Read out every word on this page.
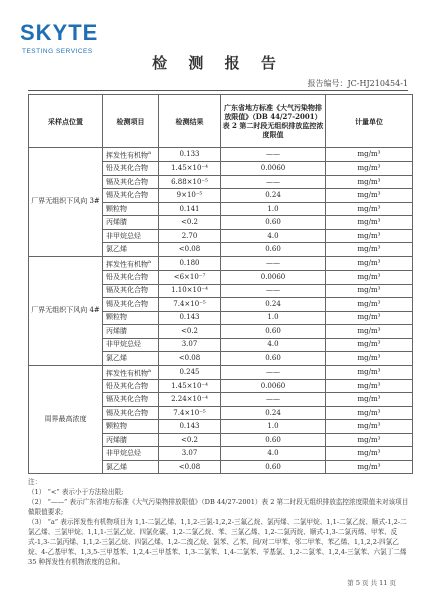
SKYTE
TESTING SERVICES
检 测 报 告
报告编号：JC-HJ210454-1
采样点位置	检测项目	检测结果	广东省地方标准《大气污染物排放限值》（DB 44/27-2001）表 2 第二时段无组织排放监控浓度限值	计量单位
厂界无组织下风向 3#	挥发性有机物$^a$	0.133	——	mg/m³
	铅及其化合物	1.45×10⁻⁴	0.0060	mg/m³
	镉及其化合物	6.88×10⁻⁵	——	mg/m³
	锡及其化合物	9×10⁻⁵	0.24	mg/m³
	颗粒物	0.141	1.0	mg/m³
	丙烯腈	<0.2	0.60	mg/m³
	非甲烷总烃	2.70	4.0	mg/m³
	氯乙烯	<0.08	0.60	mg/m³
厂界无组织下风向 4#	挥发性有机物$^a$	0.180	——	mg/m³
	铅及其化合物	<6×10⁻⁷	0.0060	mg/m³
	镉及其化合物	1.10×10⁻⁴	——	mg/m³
	锡及其化合物	7.4×10⁻⁵	0.24	mg/m³
	颗粒物	0.143	1.0	mg/m³
	丙烯腈	<0.2	0.60	mg/m³
	非甲烷总烃	3.07	4.0	mg/m³
	氯乙烯	<0.08	0.60	mg/m³
周界最高浓度	挥发性有机物$^a$	0.245	——	mg/m³
	铅及其化合物	1.45×10⁻⁴	0.0060	mg/m³
	镉及其化合物	2.24×10⁻⁴	——	mg/m³
	锡及其化合物	7.4×10⁻⁵	0.24	mg/m³
	颗粒物	0.143	1.0	mg/m³
	丙烯腈	<0.2	0.60	mg/m³
	非甲烷总烃	3.07	4.0	mg/m³
	氯乙烯	<0.08	0.60	mg/m³

注：

（1） “<” 表示小于方法检出限;

（2） “——” 表示广东省地方标准《大气污染物排放限值》（DB 44/27-2001）表 2 第二时段无组织排放监控浓度限值未对该项目做限值要求;

（3） “a” 表示挥发性有机物项目为 1,1-二氯乙烯、1,1,2-三氯-1,2,2-三氟乙烷、氯丙烯、二氯甲烷、1,1-二氯乙烷、顺式-1,2-二氯乙烯、三氯甲烷、1,1,1-三氯乙烷、四氯化碳、1,2-二氯乙烷、苯、三氯乙烯、1,2-二氯丙烷、顺式-1,3-二氯丙烯、甲苯、反式-1,3-二氯丙烯、1,1,2-三氯乙烷、四氯乙烯、1,2-二溴乙烷、氯苯、乙苯、间/对二甲苯、邻二甲苯、苯乙烯、1,1,2,2-四氯乙烷、4-乙基甲苯、1,3,5-三甲基苯、1,2,4-三甲基苯、1,3-二氯苯、1,4-二氯苯、苄基氯、1,2-二氯苯、1,2,4-三氯苯、六氯丁二烯 35 种挥发性有机物浓度的总和。

第 5 页 共 11 页
